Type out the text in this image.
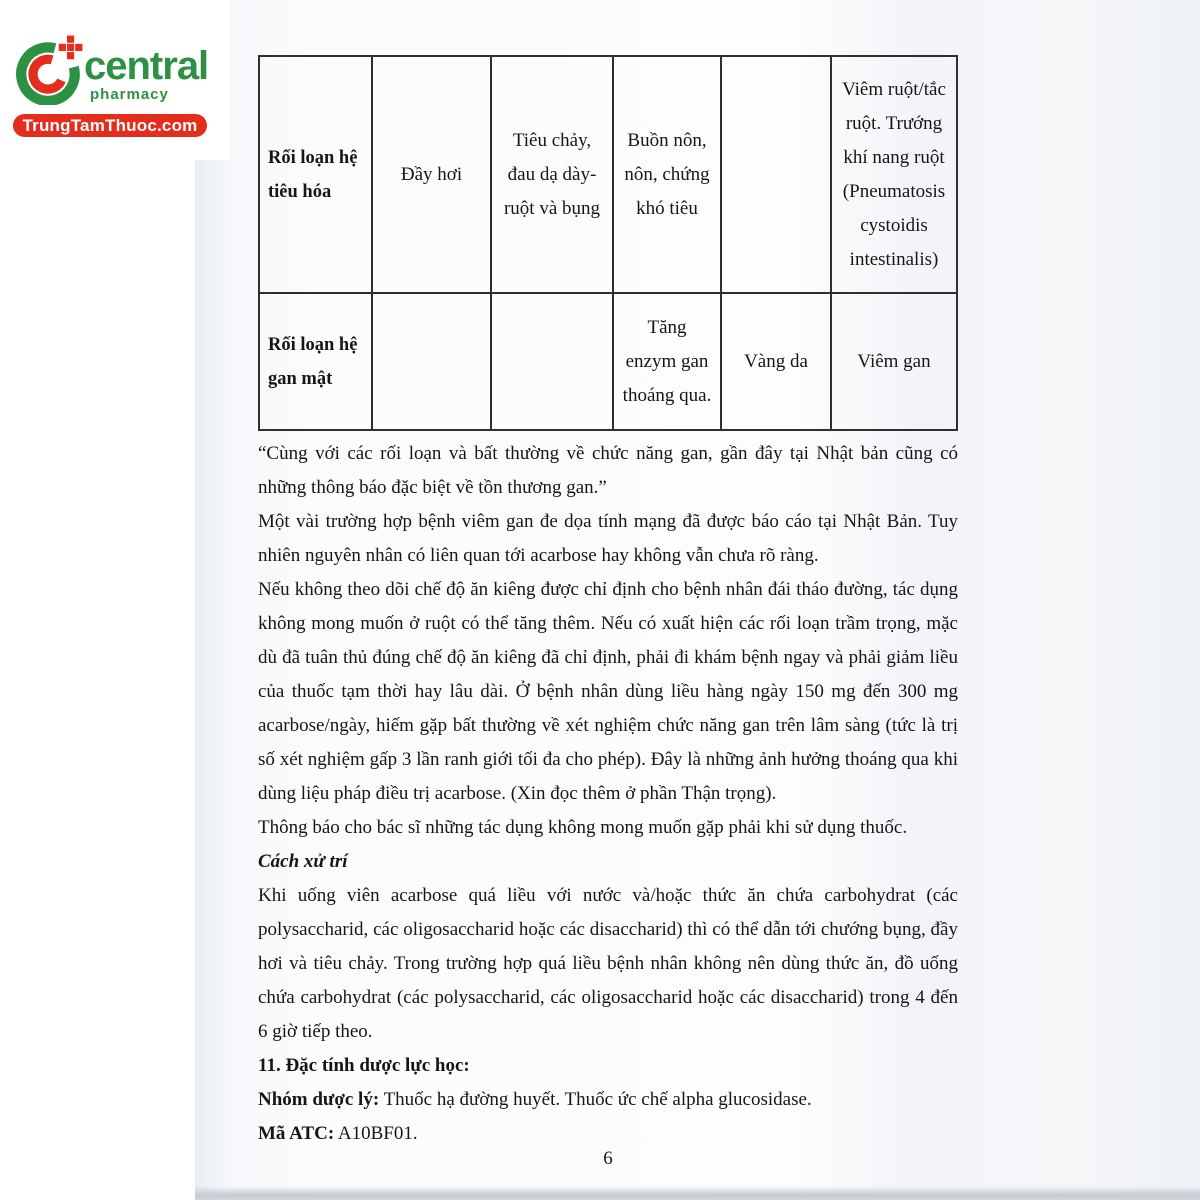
central
pharmacy
TrungTamThuoc.com
Rối loạn hệ tiêu hóa	Đầy hơi	Tiêu chảy, đau dạ dày-ruột và bụng	Buồn nôn, nôn, chứng khó tiêu		Viêm ruột/tắc ruột. Trướng khí nang ruột (Pneumatosis cystoidis intestinalis)
Rối loạn hệ gan mật			Tăng enzym gan thoáng qua.	Vàng da	Viêm gan

“Cùng với các rối loạn và bất thường về chức năng gan, gần đây tại Nhật bản cũng có những thông báo đặc biệt về tồn thương gan.”

Một vài trường hợp bệnh viêm gan đe dọa tính mạng đã được báo cáo tại Nhật Bản. Tuy nhiên nguyên nhân có liên quan tới acarbose hay không vẫn chưa rõ ràng.

Nếu không theo dõi chế độ ăn kiêng được chỉ định cho bệnh nhân đái tháo đường, tác dụng không mong muốn ở ruột có thể tăng thêm. Nếu có xuất hiện các rối loạn trầm trọng, mặc dù đã tuân thủ đúng chế độ ăn kiêng đã chỉ định, phải đi khám bệnh ngay và phải giảm liều của thuốc tạm thời hay lâu dài. Ở bệnh nhân dùng liều hàng ngày 150 mg đến 300 mg acarbose/ngày, hiếm gặp bất thường về xét nghiệm chức năng gan trên lâm sàng (tức là trị số xét nghiệm gấp 3 lần ranh giới tối đa cho phép). Đây là những ảnh hưởng thoáng qua khi dùng liệu pháp điều trị acarbose. (Xin đọc thêm ở phần Thận trọng).

Thông báo cho bác sĩ những tác dụng không mong muốn gặp phải khi sử dụng thuốc.

Cách xử trí

Khi uống viên acarbose quá liều với nước và/hoặc thức ăn chứa carbohydrat (các polysaccharid, các oligosaccharid hoặc các disaccharid) thì có thể dẫn tới chướng bụng, đầy hơi và tiêu chảy. Trong trường hợp quá liều bệnh nhân không nên dùng thức ăn, đồ uống chứa carbohydrat (các polysaccharid, các oligosaccharid hoặc các disaccharid) trong 4 đến 6 giờ tiếp theo.

11. Đặc tính dược lực học:

Nhóm dược lý: Thuốc hạ đường huyết. Thuốc ức chế alpha glucosidase.

Mã ATC: A10BF01.

6
